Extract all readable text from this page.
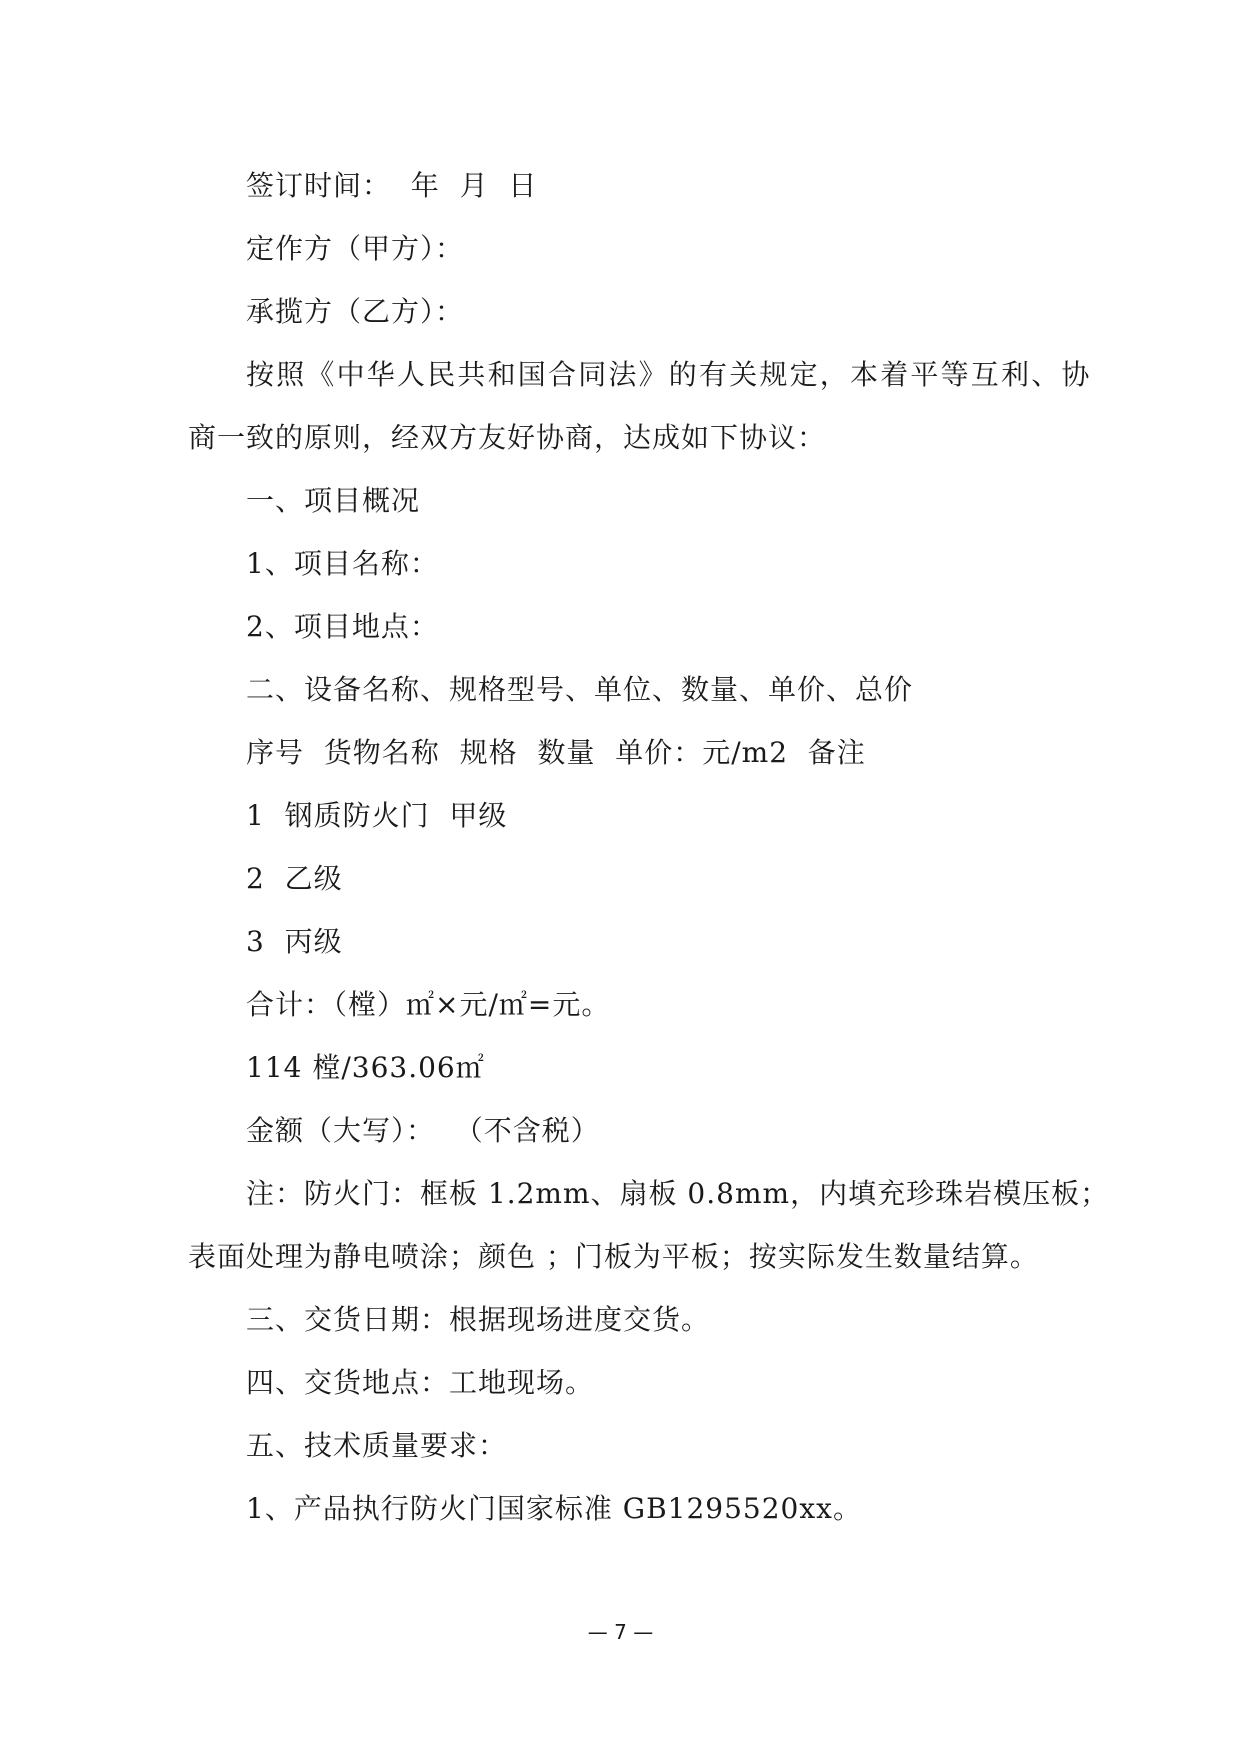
签订时间：  年  月  日
定作方（甲方）：
承揽方（乙方）：
按照《中华人民共和国合同法》的有关规定，本着平等互利、协
商一致的原则，经双方友好协商，达成如下协议：
一、项目概况
1、项目名称：
2、项目地点：
二、设备名称、规格型号、单位、数量、单价、总价
序号  货物名称  规格  数量  单价：元/m2  备注
1  钢质防火门  甲级
2  乙级
3  丙级
合计：（樘）㎡×元/㎡=元。
114 樘/363.06㎡
金额（大写）：  （不含税）
注：防火门：框板 1.2mm、扇板 0.8mm，内填充珍珠岩模压板；
表面处理为静电喷涂；颜色 ；门板为平板；按实际发生数量结算。
三、交货日期：根据现场进度交货。
四、交货地点：工地现场。
五、技术质量要求：
1、产品执行防火门国家标准 GB1295520xx。
— 7 —
